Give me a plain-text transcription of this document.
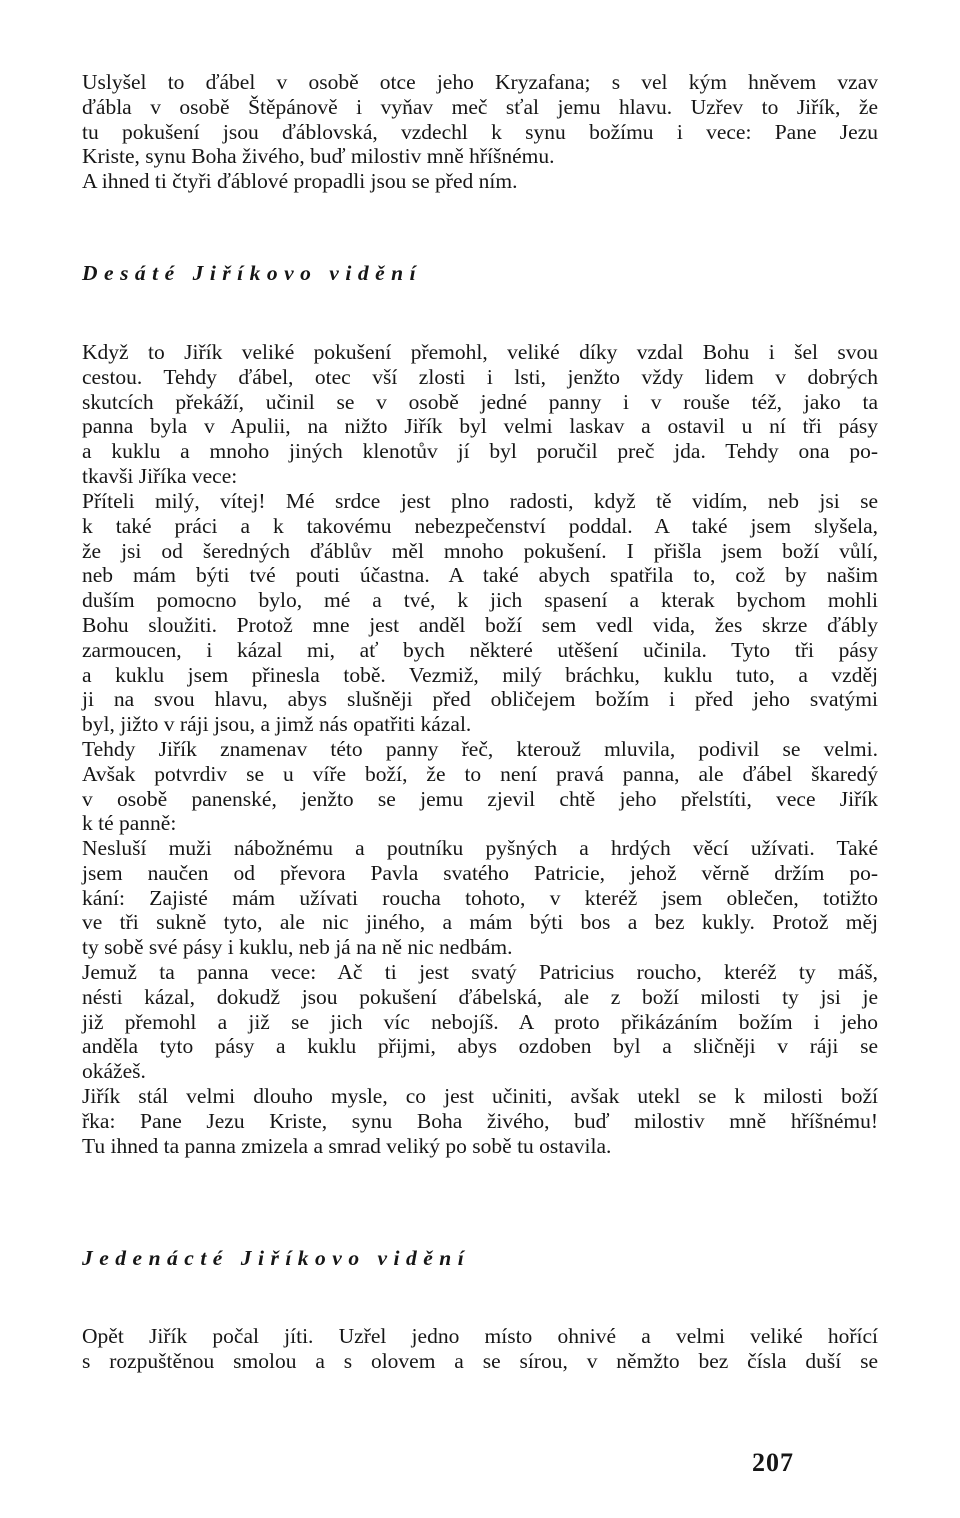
Uslyšel to ďábel v osobě otce jeho Kryzafana; s vel kým hněvem vzav
ďábla v osobě Štěpánově i vyňav meč sťal jemu hlavu. Uzřev to Jiřík, že
tu pokušení jsou ďáblovská, vzdechl k synu božímu i vece: Pane Jezu
Kriste, synu Boha živého, buď milostiv mně hříšnému.
A ihned ti čtyři ďáblové propadli jsou se před ním.
Desáté Jiříkovo vidění
Když to Jiřík veliké pokušení přemohl, veliké díky vzdal Bohu i šel svou
cestou. Tehdy ďábel, otec vší zlosti i lsti, jenžto vždy lidem v dobrých
skutcích překáží, učinil se v osobě jedné panny i v rouše též, jako ta
panna byla v Apulii, na nižto Jiřík byl velmi laskav a ostavil u ní tři pásy
a kuklu a mnoho jiných klenotův jí byl poručil preč jda. Tehdy ona po-
tkavši Jiříka vece:
Příteli milý, vítej! Mé srdce jest plno radosti, když tě vidím, neb jsi se
k také práci a k takovému nebezpečenství poddal. A také jsem slyšela,
že jsi od šeredných ďáblův měl mnoho pokušení. I přišla jsem boží vůlí,
neb mám býti tvé pouti účastna. A také abych spatřila to, což by našim
duším pomocno bylo, mé a tvé, k jich spasení a kterak bychom mohli
Bohu sloužiti. Protož mne jest anděl boží sem vedl vida, žes skrze ďábly
zarmoucen, i kázal mi, ať bych některé utěšení učinila. Tyto tři pásy
a kuklu jsem přinesla tobě. Vezmiž, milý bráchku, kuklu tuto, a vzděj
ji na svou hlavu, abys slušněji před obličejem božím i před jeho svatými
byl, jižto v ráji jsou, a jimž nás opatřiti kázal.
Tehdy Jiřík znamenav této panny řeč, kterouž mluvila, podivil se velmi.
Avšak potvrdiv se u víře boží, že to není pravá panna, ale ďábel škaredý
v osobě panenské, jenžto se jemu zjevil chtě jeho přelstíti, vece Jiřík
k té panně:
Nesluší muži nábožnému a poutníku pyšných a hrdých věcí užívati. Také
jsem naučen od převora Pavla svatého Patricie, jehož věrně držím po-
kání: Zajisté mám užívati roucha tohoto, v kteréž jsem oblečen, totižto
ve tři sukně tyto, ale nic jiného, a mám býti bos a bez kukly. Protož měj
ty sobě své pásy i kuklu, neb já na ně nic nedbám.
Jemuž ta panna vece: Ač ti jest svatý Patricius roucho, kteréž ty máš,
nésti kázal, dokudž jsou pokušení ďábelská, ale z boží milosti ty jsi je
již přemohl a již se jich víc nebojíš. A proto přikázáním božím i jeho
anděla tyto pásy a kuklu přijmi, abys ozdoben byl a sličněji v ráji se
okážeš.
Jiřík stál velmi dlouho mysle, co jest učiniti, avšak utekl se k milosti boží
řka: Pane Jezu Kriste, synu Boha živého, buď milostiv mně hříšnému!
Tu ihned ta panna zmizela a smrad veliký po sobě tu ostavila.
Jedenácté Jiříkovo vidění
Opět Jiřík počal jíti. Uzřel jedno místo ohnivé a velmi veliké hořící
s rozpuštěnou smolou a s olovem a se sírou, v němžto bez čísla duší se
207
